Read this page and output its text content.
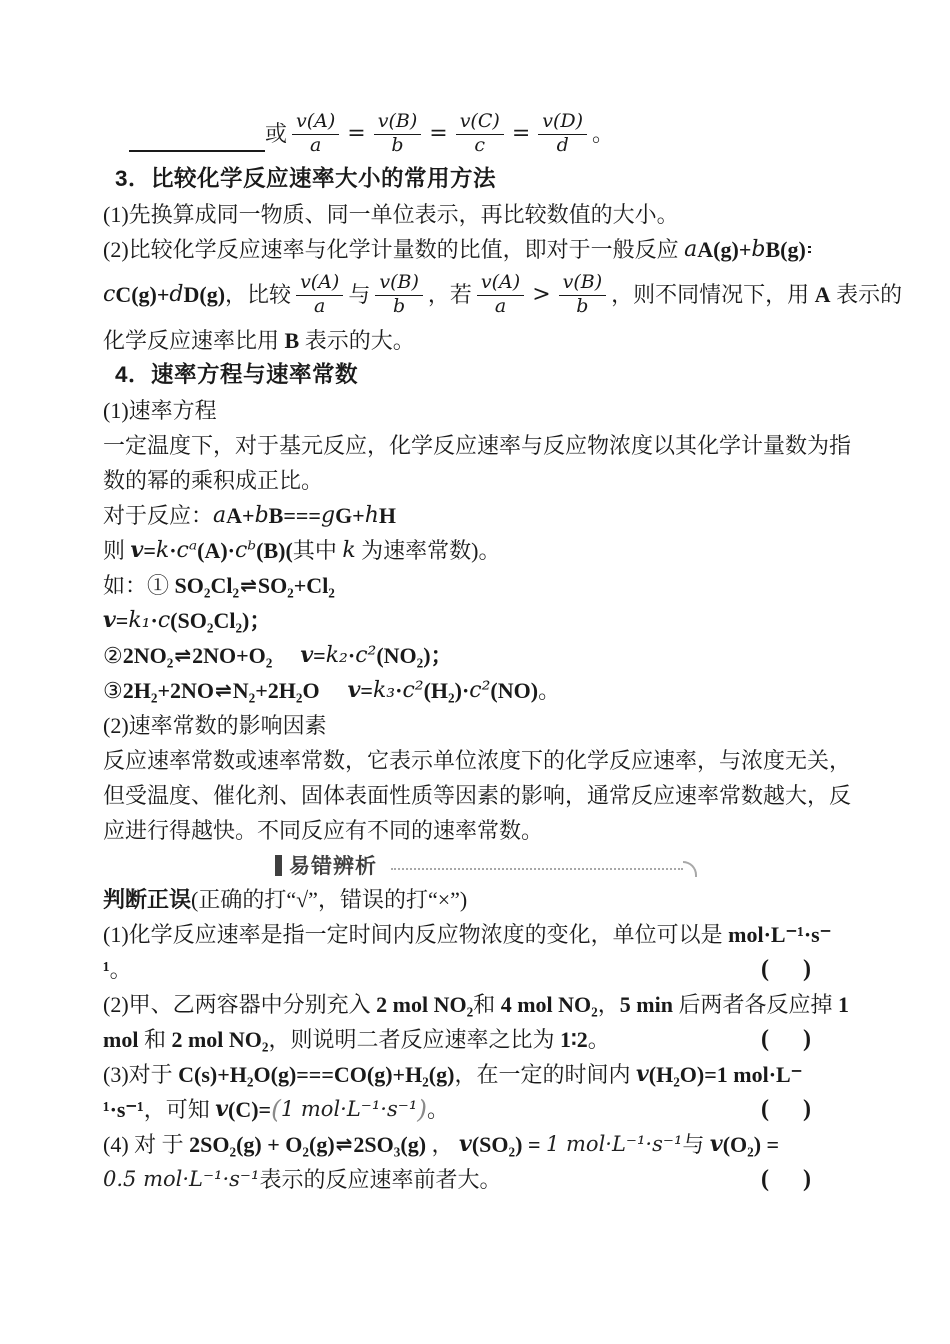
或 $\frac{v(A)}{a} = \frac{v(B)}{b} = \frac{v(C)}{c} = \frac{v(D)}{d}$ 。
3．比较化学反应速率大小的常用方法
(1)先换算成同一物质、同一单位表示，再比较数值的大小。
(2)比较化学反应速率与化学计量数的比值，即对于一般反应 a A(g)+ b B(g)
c C(g)+ d D(g) ，比较 $\frac{v(A)}{a}$ 与 $\frac{v(B)}{b}$ ，若 $\frac{v(A)}{a} > \frac{v(B)}{b}$ ，则不同情况下，用 A 表示的
化学反应速率比用 B 表示的大。
4．速率方程与速率常数
(1)速率方程
一定温度下，对于基元反应，化学反应速率与反应物浓度以其化学计量数为指
数的幂的乘积成正比。
对于反应： a A+ b B=== g G+ h H
则 v = k · cᵃ (A)· cᵇ (B)( 其中 k 为速率常数)。
如：① SO₂Cl₂ ⇌ SO₂+Cl₂
v = k₁ · c (SO₂Cl₂)；
② 2NO₂ ⇌ 2NO+O₂ v = k₂ · c² (NO₂)；
③ 2H₂+2NO ⇌ N₂+2H₂O v = k₃ · c² (H₂)· c² (NO) 。
(2)速率常数的影响因素
反应速率常数或速率常数，它表示单位浓度下的化学反应速率，与浓度无关，
但受温度、催化剂、固体表面性质等因素的影响，通常反应速率常数越大，反
应进行得越快。不同反应有不同的速率常数。
易错辨析
判断正误 (正确的打“√”，错误的打“×”)
(1)化学反应速率是指一定时间内反应物浓度的变化，单位可以是 mol·L⁻¹·s⁻
¹ 。	( )
(2)甲、乙两容器中分别充入 2 mol NO₂ 和 4 mol NO₂ ， 5 min 后两者各反应掉 1
mol 和 2 mol NO₂ ，则说明二者反应速率之比为 1∶2 。	( )
(3)对于 C(s)+H₂O(g)===CO(g)+H₂(g) ，在一定的时间内 v (H₂O)=1 mol·L⁻
¹·s⁻¹ ，可知 v (C)= ( 1 mol·L⁻¹·s⁻¹ ) 。	( )
(4) 对 于 2SO₂(g) + O₂(g) ⇌ 2SO₃(g) ， v (SO₂) = 1 mol·L⁻¹·s⁻¹ 与 v (O₂) =
0.5 mol·L⁻¹·s⁻¹ 表示的反应速率前者大。	( )
